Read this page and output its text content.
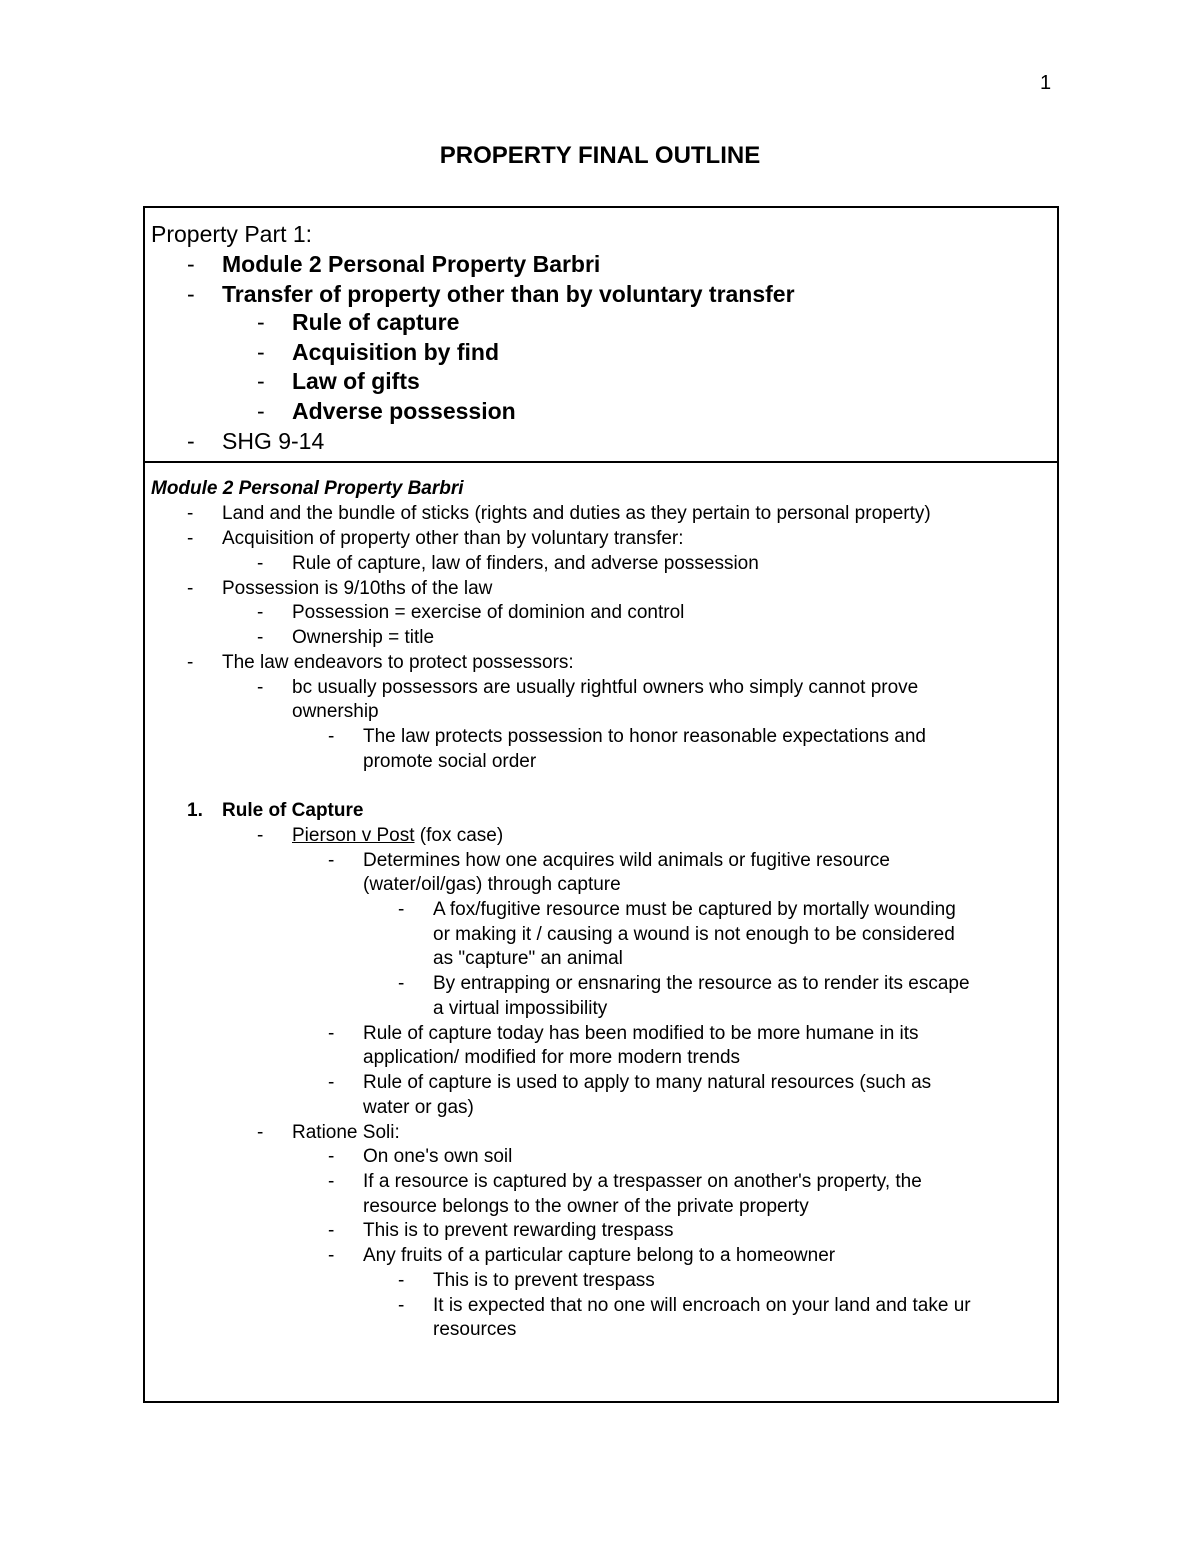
1
PROPERTY FINAL OUTLINE
Property Part 1:
- Module 2 Personal Property Barbri
- Transfer of property other than by voluntary transfer
- Rule of capture
- Acquisition by find
- Law of gifts
- Adverse possession
- SHG 9-14
Module 2 Personal Property Barbri
- Land and the bundle of sticks (rights and duties as they pertain to personal property)
- Acquisition of property other than by voluntary transfer:
- Rule of capture, law of finders, and adverse possession
- Possession is 9/10ths of the law
- Possession = exercise of dominion and control
- Ownership = title
- The law endeavors to protect possessors:
- bc usually possessors are usually rightful owners who simply cannot prove
ownership
- The law protects possession to honor reasonable expectations and
promote social order
1. Rule of Capture
- Pierson v Post (fox case)
- Determines how one acquires wild animals or fugitive resource
(water/oil/gas) through capture
- A fox/fugitive resource must be captured by mortally wounding
or making it / causing a wound is not enough to be considered
as "capture" an animal
- By entrapping or ensnaring the resource as to render its escape
a virtual impossibility
- Rule of capture today has been modified to be more humane in its
application/ modified for more modern trends
- Rule of capture is used to apply to many natural resources (such as
water or gas)
- Ratione Soli:
- On one's own soil
- If a resource is captured by a trespasser on another's property, the
resource belongs to the owner of the private property
- This is to prevent rewarding trespass
- Any fruits of a particular capture belong to a homeowner
- This is to prevent trespass
- It is expected that no one will encroach on your land and take ur
resources
